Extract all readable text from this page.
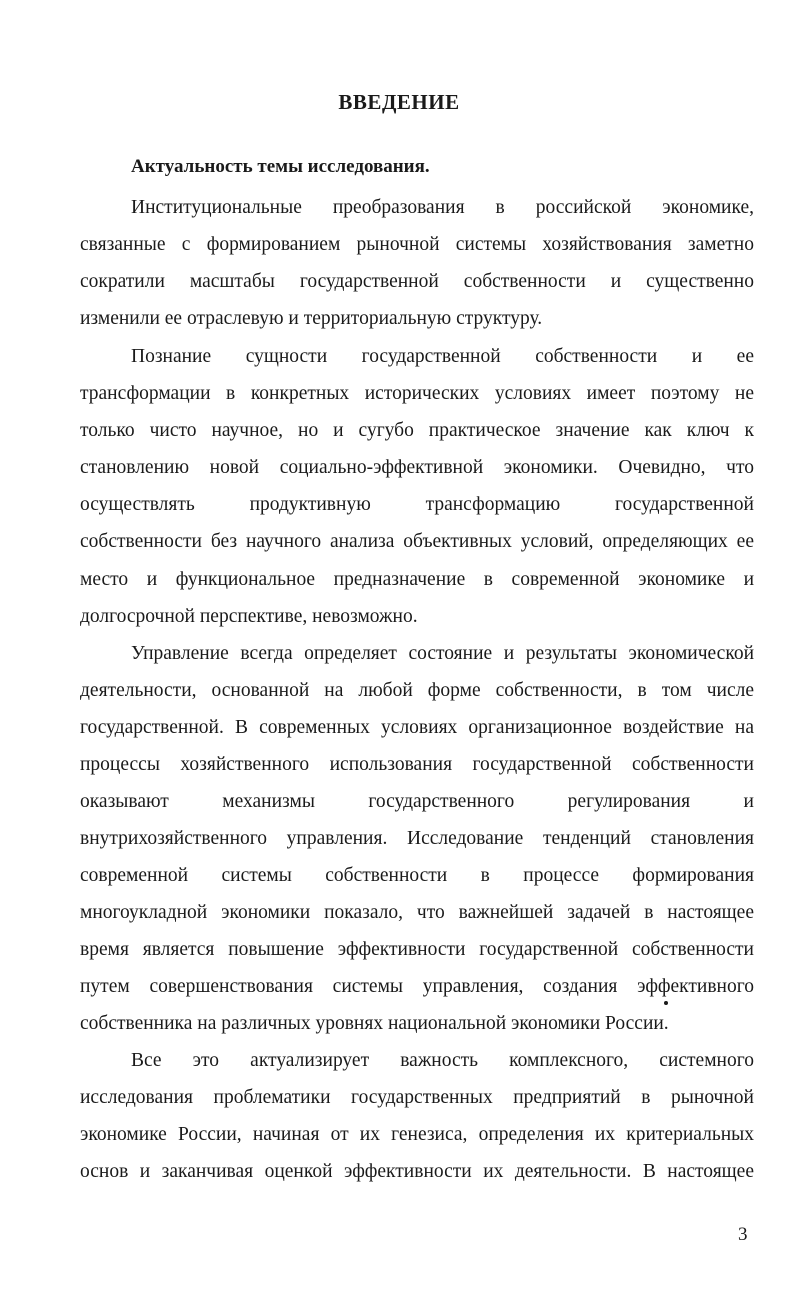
ВВЕДЕНИЕ
Актуальность темы исследования.
Институциональные преобразования в российской экономике,
связанные с формированием рыночной системы хозяйствования заметно
сократили масштабы государственной собственности и существенно
изменили ее отраслевую и территориальную структуру.
Познание сущности государственной собственности и ее
трансформации в конкретных исторических условиях имеет поэтому не
только чисто научное, но и сугубо практическое значение как ключ к
становлению новой социально-эффективной экономики. Очевидно, что
осуществлять продуктивную трансформацию государственной
собственности без научного анализа объективных условий, определяющих ее
место и функциональное предназначение в современной экономике и
долгосрочной перспективе, невозможно.
Управление всегда определяет состояние и результаты экономической
деятельности, основанной на любой форме собственности, в том числе
государственной. В современных условиях организационное воздействие на
процессы хозяйственного использования государственной собственности
оказывают механизмы государственного регулирования и
внутрихозяйственного управления. Исследование тенденций становления
современной системы собственности в процессе формирования
многоукладной экономики показало, что важнейшей задачей в настоящее
время является повышение эффективности государственной собственности
путем совершенствования системы управления, создания эффективного
собственника на различных уровнях национальной экономики России.
Все это актуализирует важность комплексного, системного
исследования проблематики государственных предприятий в рыночной
экономике России, начиная от их генезиса, определения их критериальных
основ и заканчивая оценкой эффективности их деятельности. В настоящее
3
